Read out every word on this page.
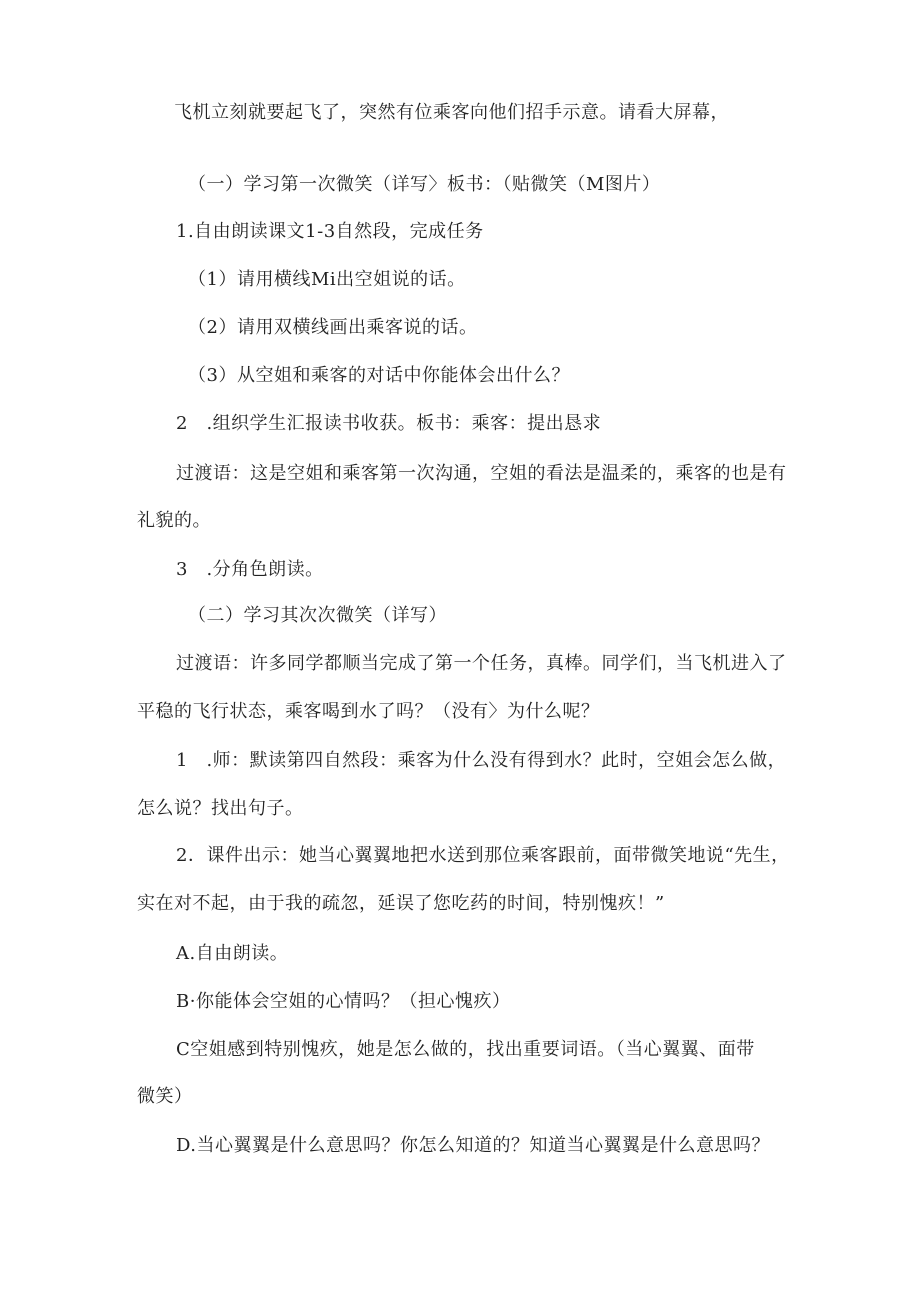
飞机立刻就要起飞了，突然有位乘客向他们招手示意。请看大屏幕，
（一）学习第一次微笑（详写〉板书：（贴微笑（M图片）
1.自由朗读课文1-3自然段，完成任务
（1）请用横线Mi出空姐说的话。
（2）请用双横线画出乘客说的话。
（3）从空姐和乘客的对话中你能体会出什么？
2　.组织学生汇报读书收获。板书：乘客：提出恳求
过渡语：这是空姐和乘客第一次沟通，空姐的看法是温柔的，乘客的也是有
礼貌的。
3　.分角色朗读。
（二）学习其次次微笑（详写）
过渡语：许多同学都顺当完成了第一个任务，真棒。同学们，当飞机进入了
平稳的飞行状态，乘客喝到水了吗？（没有〉为什么呢？
1　.师：默读第四自然段：乘客为什么没有得到水？此时，空姐会怎么做，
怎么说？找出句子。
2．课件出示：她当心翼翼地把水送到那位乘客跟前，面带微笑地说“先生，
实在对不起，由于我的疏忽，延误了您吃药的时间，特别愧疚！”
A.自由朗读。
B·你能体会空姐的心情吗？（担心愧疚）
C空姐感到特别愧疚，她是怎么做的，找出重要词语。（当心翼翼、面带
微笑）
D.当心翼翼是什么意思吗？你怎么知道的？知道当心翼翼是什么意思吗？
